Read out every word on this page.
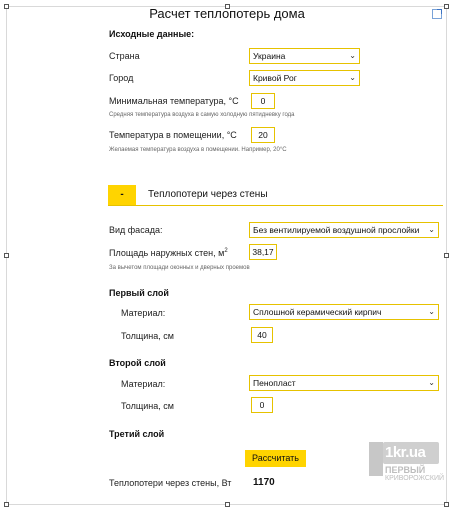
Расчет теплопотерь дома
Исходные данные:
Страна	Украина	⌄
Город	Кривой Рог	⌄
Минимальная температура, °C	0
Средняя температура воздуха в самую холодную пятидневку года
Температура в помещении, °C	20
Желаемая температура воздуха в помещении. Например, 20°C
-	Теплопотери через стены
Вид фасада:	Без вентилируемой воздушной прослойки ⌄
Площадь наружных стен, $м^2$	38,17
За вычетом площади оконных и дверных проемов
Первый слой
Материал:	Сплошной керамический кирпич	⌄
Толщина, см	40
Второй слой
Материал:	Пенопласт	⌄
Толщина, см	0
Третий слой
Рассчитать
Теплопотери через стены, Вт 1170
1kr.ua
ПЕРВЫЙ
КРИВОРОЖСКИЙ
